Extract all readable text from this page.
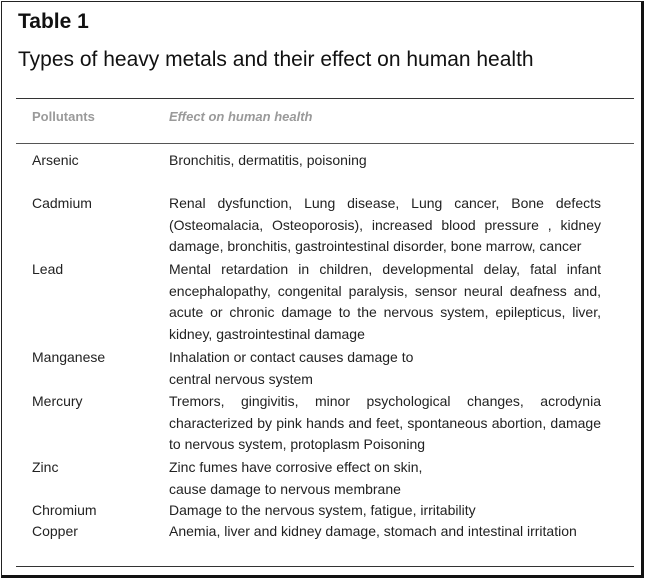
Table 1
Types of heavy metals and their effect on human health
Pollutants	Effect on human health
Arsenic	Bronchitis, dermatitis, poisoning
Cadmium	Renal dysfunction, Lung disease, Lung cancer, Bone defects (Osteomalacia, Osteoporosis), increased blood pressure , kidney damage, bronchitis, gastrointestinal disorder, bone marrow, cancer
Lead	Mental retardation in children, developmental delay, fatal infant encephalopathy, congenital paralysis, sensor neural deafness and, acute or chronic damage to the nervous system, epilepticus, liver, kidney, gastrointestinal damage
Manganese	Inhalation or contact causes damage to central nervous system
Mercury	Tremors, gingivitis, minor psychological changes, acrodynia characterized by pink hands and feet, spontaneous abortion, damage to nervous system, protoplasm Poisoning
Zinc	Zinc fumes have corrosive effect on skin, cause damage to nervous membrane
Chromium	Damage to the nervous system, fatigue, irritability
Copper	Anemia, liver and kidney damage, stomach and intestinal irritation
